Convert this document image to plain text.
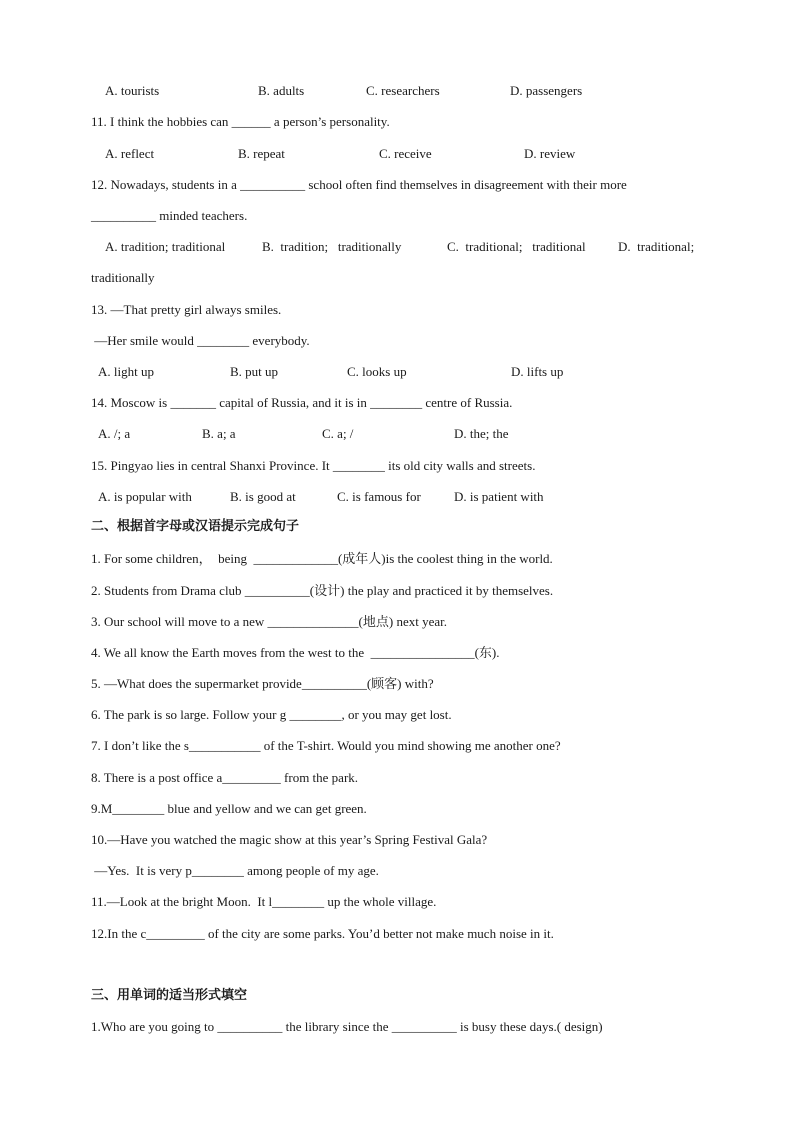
A. tourists	B. adults	C. researchers	D. passengers
11. I think the hobbies can ______ a person’s personality.
A. reflect	B. repeat	C. receive	D. review
12. Nowadays, students in a __________ school often find themselves in disagreement with their more
__________ minded teachers.
A. tradition; traditional	B.  tradition;   traditionally	C.  traditional;   traditional D.  traditional;
traditionally
13. —That pretty girl always smiles.
—Her smile would ________ everybody.
A. light up	B. put up	C. looks up	D. lifts up
14. Moscow is _______ capital of Russia, and it is in ________ centre of Russia.
A. /; a	B. a; a	C. a; /	D. the; the
15. Pingyao lies in central Shanxi Province. It ________ its old city walls and streets.
A. is popular with	B. is good at	C. is famous for	D. is patient with
二、根据首字母或汉语提示完成句子
1. For some children，  being  _____________(成年人)is the coolest thing in the world.
2. Students from Drama club __________(设计) the play and practiced it by themselves.
3. Our school will move to a new ______________(地点) next year.
4. We all know the Earth moves from the west to the  ________________(东).
5. —What does the supermarket provide__________(顾客) with?
6. The park is so large. Follow your g ________, or you may get lost.
7. I don’t like the s___________ of the T-shirt. Would you mind showing me another one?
8. There is a post office a_________ from the park.
9.M________ blue and yellow and we can get green.
10.—Have you watched the magic show at this year’s Spring Festival Gala?
—Yes.  It is very p________ among people of my age.
11.—Look at the bright Moon.  It l________ up the whole village.
12.In the c_________ of the city are some parks. You’d better not make much noise in it.
三、用单词的适当形式填空
1.Who are you going to __________ the library since the __________ is busy these days.( design)
